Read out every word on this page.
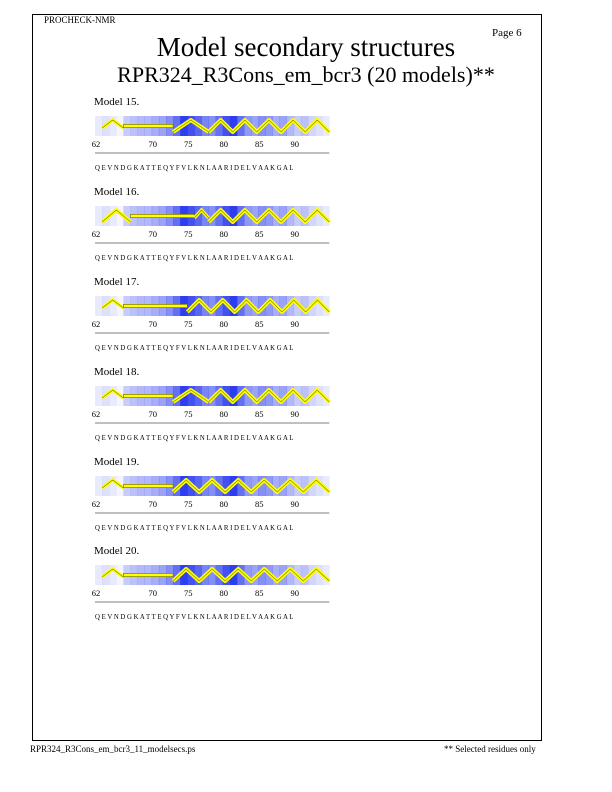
PROCHECK-NMR
Page 6
Model secondary structures
RPR324_R3Cons_em_bcr3 (20 models)**
Model 15.
62	70	75	80	85	90
Q E V N D G K A T T E Q Y F V L K N L A A R I D E L V A A K G A L
Model 16.
62	70	75	80	85	90
Q E V N D G K A T T E Q Y F V L K N L A A R I D E L V A A K G A L
Model 17.
62	70	75	80	85	90
Q E V N D G K A T T E Q Y F V L K N L A A R I D E L V A A K G A L
Model 18.
62	70	75	80	85	90
Q E V N D G K A T T E Q Y F V L K N L A A R I D E L V A A K G A L
Model 19.
62	70	75	80	85	90
Q E V N D G K A T T E Q Y F V L K N L A A R I D E L V A A K G A L
Model 20.
62	70	75	80	85	90
Q E V N D G K A T T E Q Y F V L K N L A A R I D E L V A A K G A L
RPR324_R3Cons_em_bcr3_11_modelsecs.ps	** Selected residues only
